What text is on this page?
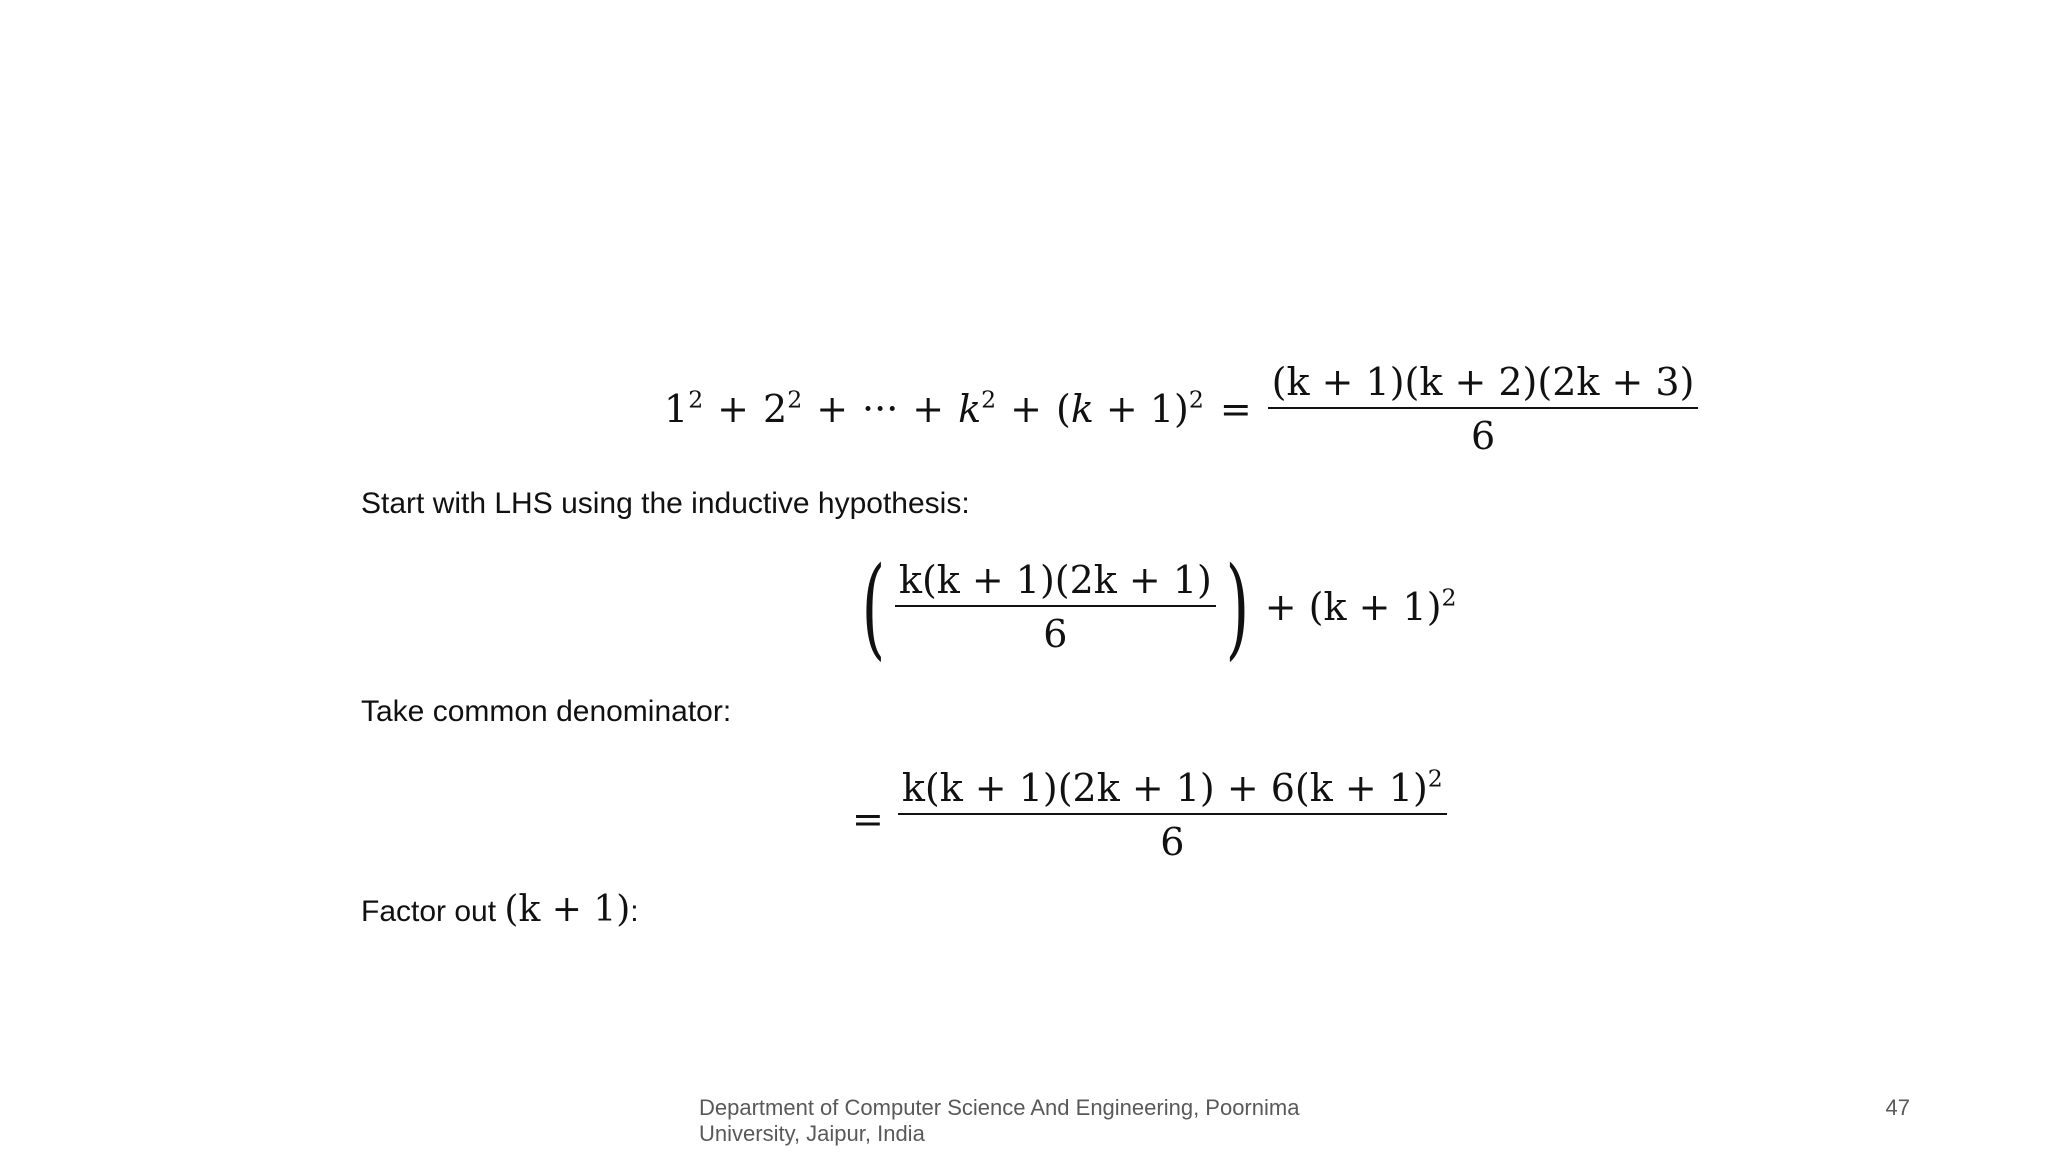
$1^2 + 2^2$ + ··· + $k^2 + (k + 1)^2 = \frac{(k + 1)(k + 2)(2k + 3)}{6}$
Start with LHS using the inductive hypothesis:
( $\frac{k(k + 1)(2k + 1)}{6}$ ) + $(k + 1)^2$
Take common denominator:
= $\frac{k(k + 1)(2k + 1) + 6(k + 1)^2}{6}$
Factor out (k + 1):
Department of Computer Science And Engineering, Poornima University, Jaipur, India
47
